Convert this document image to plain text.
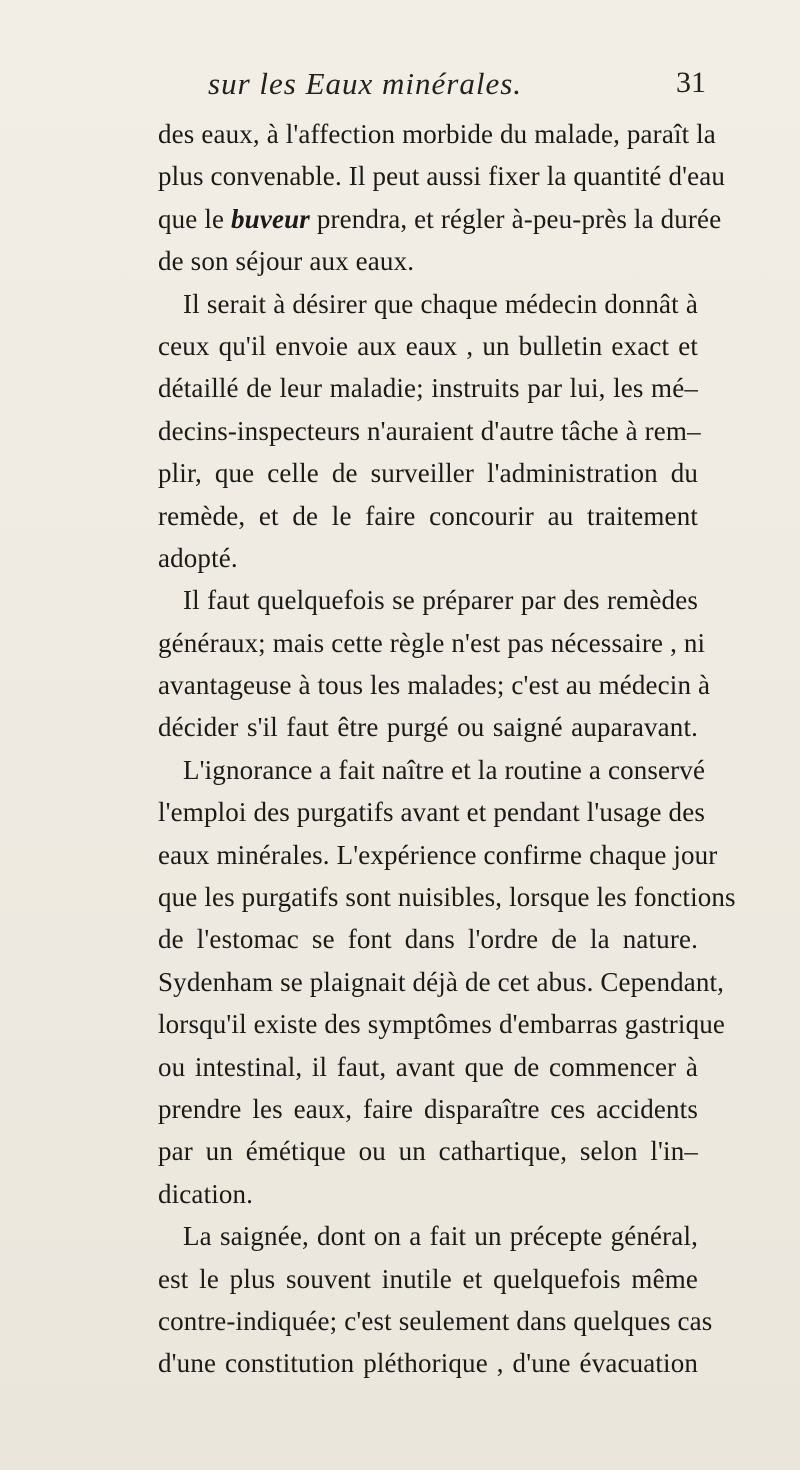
sur les Eaux minérales.	31
des eaux, à l'affection morbide du malade, paraît la
plus convenable. Il peut aussi fixer la quantité d'eau
que le buveur prendra, et régler à-peu-près la durée
de son séjour aux eaux.
Il serait à désirer que chaque médecin donnât à
ceux qu'il envoie aux eaux , un bulletin exact et
détaillé de leur maladie; instruits par lui, les mé–
decins-inspecteurs n'auraient d'autre tâche à rem–
plir, que celle de surveiller l'administration du
remède, et de le faire concourir au traitement
adopté.
Il faut quelquefois se préparer par des remèdes
généraux; mais cette règle n'est pas nécessaire , ni
avantageuse à tous les malades; c'est au médecin à
décider s'il faut être purgé ou saigné auparavant.
L'ignorance a fait naître et la routine a conservé
l'emploi des purgatifs avant et pendant l'usage des
eaux minérales. L'expérience confirme chaque jour
que les purgatifs sont nuisibles, lorsque les fonctions
de l'estomac se font dans l'ordre de la nature.
Sydenham se plaignait déjà de cet abus. Cependant,
lorsqu'il existe des symptômes d'embarras gastrique
ou intestinal, il faut, avant que de commencer à
prendre les eaux, faire disparaître ces accidents
par un émétique ou un cathartique, selon l'in–
dication.
La saignée, dont on a fait un précepte général,
est le plus souvent inutile et quelquefois même
contre-indiquée; c'est seulement dans quelques cas
d'une constitution pléthorique , d'une évacuation
